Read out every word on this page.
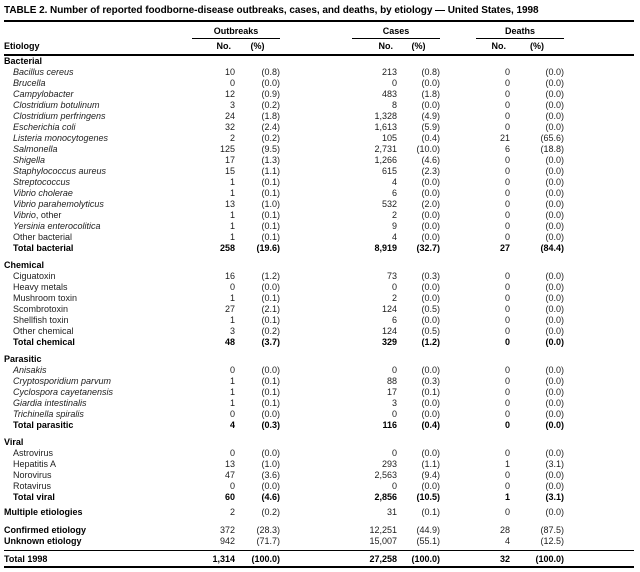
TABLE 2. Number of reported foodborne-disease outbreaks, cases, and deaths, by etiology — United States, 1998
Outbreaks	Cases	Deaths
Etiology	No.	(%)	No.	(%)	No.	(%)
Bacterial
Bacillus cereus	10	(0.8)	213	(0.8)	0	(0.0)
Brucella	0	(0.0)	0	(0.0)	0	(0.0)
Campylobacter	12	(0.9)	483	(1.8)	0	(0.0)
Clostridium botulinum	3	(0.2)	8	(0.0)	0	(0.0)
Clostridium perfringens	24	(1.8)	1,328	(4.9)	0	(0.0)
Escherichia coli	32	(2.4)	1,613	(5.9)	0	(0.0)
Listeria monocytogenes	2	(0.2)	105	(0.4)	21	(65.6)
Salmonella	125	(9.5)	2,731	(10.0)	6	(18.8)
Shigella	17	(1.3)	1,266	(4.6)	0	(0.0)
Staphylococcus aureus	15	(1.1)	615	(2.3)	0	(0.0)
Streptococcus	1	(0.1)	4	(0.0)	0	(0.0)
Vibrio cholerae	1	(0.1)	6	(0.0)	0	(0.0)
Vibrio parahemolyticus	13	(1.0)	532	(2.0)	0	(0.0)
Vibrio, other	1	(0.1)	2	(0.0)	0	(0.0)
Yersinia enterocolitica	1	(0.1)	9	(0.0)	0	(0.0)
Other bacterial	1	(0.1)	4	(0.0)	0	(0.0)
Total bacterial	258	(19.6)	8,919	(32.7)	27	(84.4)
Chemical
Ciguatoxin	16	(1.2)	73	(0.3)	0	(0.0)
Heavy metals	0	(0.0)	0	(0.0)	0	(0.0)
Mushroom toxin	1	(0.1)	2	(0.0)	0	(0.0)
Scombrotoxin	27	(2.1)	124	(0.5)	0	(0.0)
Shellfish toxin	1	(0.1)	6	(0.0)	0	(0.0)
Other chemical	3	(0.2)	124	(0.5)	0	(0.0)
Total chemical	48	(3.7)	329	(1.2)	0	(0.0)
Parasitic
Anisakis	0	(0.0)	0	(0.0)	0	(0.0)
Cryptosporidium parvum	1	(0.1)	88	(0.3)	0	(0.0)
Cyclospora cayetanensis	1	(0.1)	17	(0.1)	0	(0.0)
Giardia intestinalis	1	(0.1)	3	(0.0)	0	(0.0)
Trichinella spiralis	0	(0.0)	0	(0.0)	0	(0.0)
Total parasitic	4	(0.3)	116	(0.4)	0	(0.0)
Viral
Astrovirus	0	(0.0)	0	(0.0)	0	(0.0)
Hepatitis A	13	(1.0)	293	(1.1)	1	(3.1)
Norovirus	47	(3.6)	2,563	(9.4)	0	(0.0)
Rotavirus	0	(0.0)	0	(0.0)	0	(0.0)
Total viral	60	(4.6)	2,856	(10.5)	1	(3.1)
Multiple etiologies	2	(0.2)	31	(0.1)	0	(0.0)
Confirmed etiology	372	(28.3)	12,251	(44.9)	28	(87.5)
Unknown etiology	942	(71.7)	15,007	(55.1)	4	(12.5)
Total 1998	1,314	(100.0)	27,258	(100.0)	32	(100.0)
